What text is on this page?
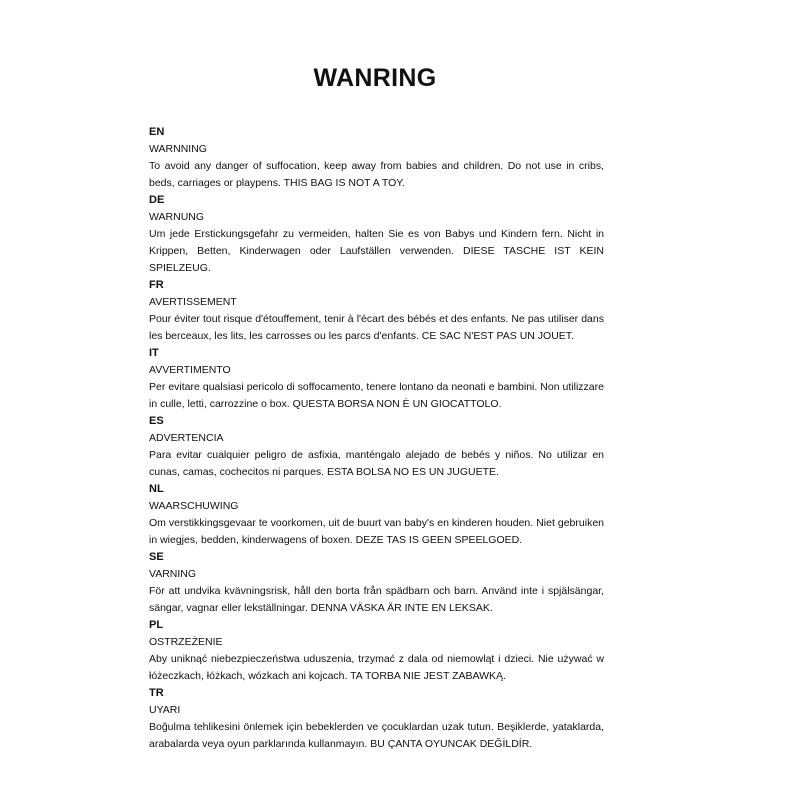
WANRING
EN
WARNNING
To avoid any danger of suffocation, keep away from babies and children. Do not use in cribs, beds, carriages or playpens. THIS BAG IS NOT A TOY.
DE
WARNUNG
Um jede Erstickungsgefahr zu vermeiden, halten Sie es von Babys und Kindern fern. Nicht in Krippen, Betten, Kinderwagen oder Laufställen verwenden. DIESE TASCHE IST KEIN SPIELZEUG.
FR
AVERTISSEMENT
Pour éviter tout risque d'étouffement, tenir à l'écart des bébés et des enfants. Ne pas utiliser dans les berceaux, les lits, les carrosses ou les parcs d'enfants. CE SAC N'EST PAS UN JOUET.
IT
AVVERTIMENTO
Per evitare qualsiasi pericolo di soffocamento, tenere lontano da neonati e bambini. Non utilizzare in culle, letti, carrozzine o box. QUESTA BORSA NON È UN GIOCATTOLO.
ES
ADVERTENCIA
Para evitar cualquier peligro de asfixia, manténgalo alejado de bebés y niños. No utilizar en cunas, camas, cochecitos ni parques. ESTA BOLSA NO ES UN JUGUETE.
NL
WAARSCHUWING
Om verstikkingsgevaar te voorkomen, uit de buurt van baby's en kinderen houden. Niet gebruiken in wiegjes, bedden, kinderwagens of boxen. DEZE TAS IS GEEN SPEELGOED.
SE
VARNING
För att undvika kvävningsrisk, håll den borta från spädbarn och barn. Använd inte i spjälsängar, sängar, vagnar eller lekställningar. DENNA VÄSKA ÄR INTE EN LEKSAK.
PL
OSTRZEŻENIE
Aby uniknąć niebezpieczeństwa uduszenia, trzymać z dala od niemowląt i dzieci. Nie używać w łóżeczkach, łóżkach, wózkach ani kojcach. TA TORBA NIE JEST ZABAWKĄ.
TR
UYARI
Boğulma tehlikesini önlemek için bebeklerden ve çocuklardan uzak tutun. Beşiklerde, yataklarda, arabalarda veya oyun parklarında kullanmayın. BU ÇANTA OYUNCAK DEĞİLDİR.
